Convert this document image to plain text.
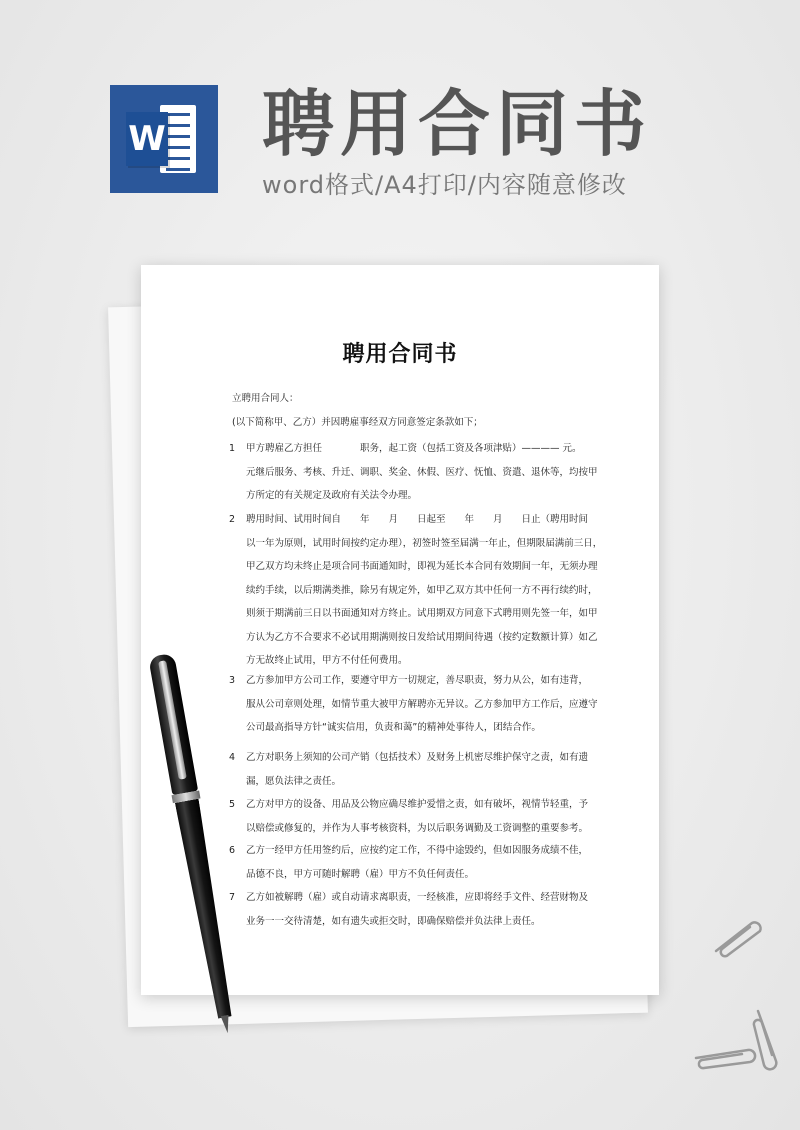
W 聘用合同书
word格式/A4打印/内容随意修改
聘用合同书
立聘用合同人：
(以下简称甲、乙方）并因聘雇事经双方同意签定条款如下；
1	甲方聘雇乙方担任　　　　职务，起工资（包括工资及各项津贴）———— 元。
元继后服务、考核、升迁、调职、奖金、休假、医疗、怃恤、资遣、退休等，均按甲
方所定的有关规定及政府有关法令办理。
2	聘用时间、试用时间自　　年　　月　　日起至　　年　　月　　日止（聘用时间
以一年为原则，试用时间按约定办理），初签时签至届满一年止，但期限届满前三日，
甲乙双方均未终止是项合同书面通知时，即视为延长本合同有效期间一年，无须办理
续约手续，以后期满类推，除另有规定外，如甲乙双方其中任何一方不再行续约时，
则须于期满前三日以书面通知对方终止。试用期双方同意下式聘用则先签一年，如甲
方认为乙方不合要求不必试用期满则按日发给试用期间待遇（按约定数额计算）如乙
方无故终止试用，甲方不付任何费用。
3	乙方参加甲方公司工作，要遵守甲方一切规定，善尽职责，努力从公，如有违背，
服从公司章则处理，如情节重大被甲方解聘亦无异议。乙方参加甲方工作后，应遵守
公司最高指导方针“诚实信用，负责和蔼”的精神处事待人，团结合作。
4	乙方对职务上须知的公司产销（包括技术）及财务上机密尽维护保守之责，如有遗
漏，愿负法律之责任。
5	乙方对甲方的设备、用品及公物应确尽维护爱惜之责，如有破坏，视情节轻重，予
以赔偿或修复的，并作为人事考核资料，为以后职务调勤及工资调整的重要参考。
6	乙方一经甲方任用签约后，应按约定工作，不得中途毁约，但如因服务成绩不佳，
品德不良，甲方可随时解聘（雇）甲方不负任何责任。
7	乙方如被解聘（雇）或自动请求离职责，一经核准，应即将经手文件、经营财物及
业务一一交待清楚，如有遗失或拒交时，即确保赔偿并负法律上责任。
